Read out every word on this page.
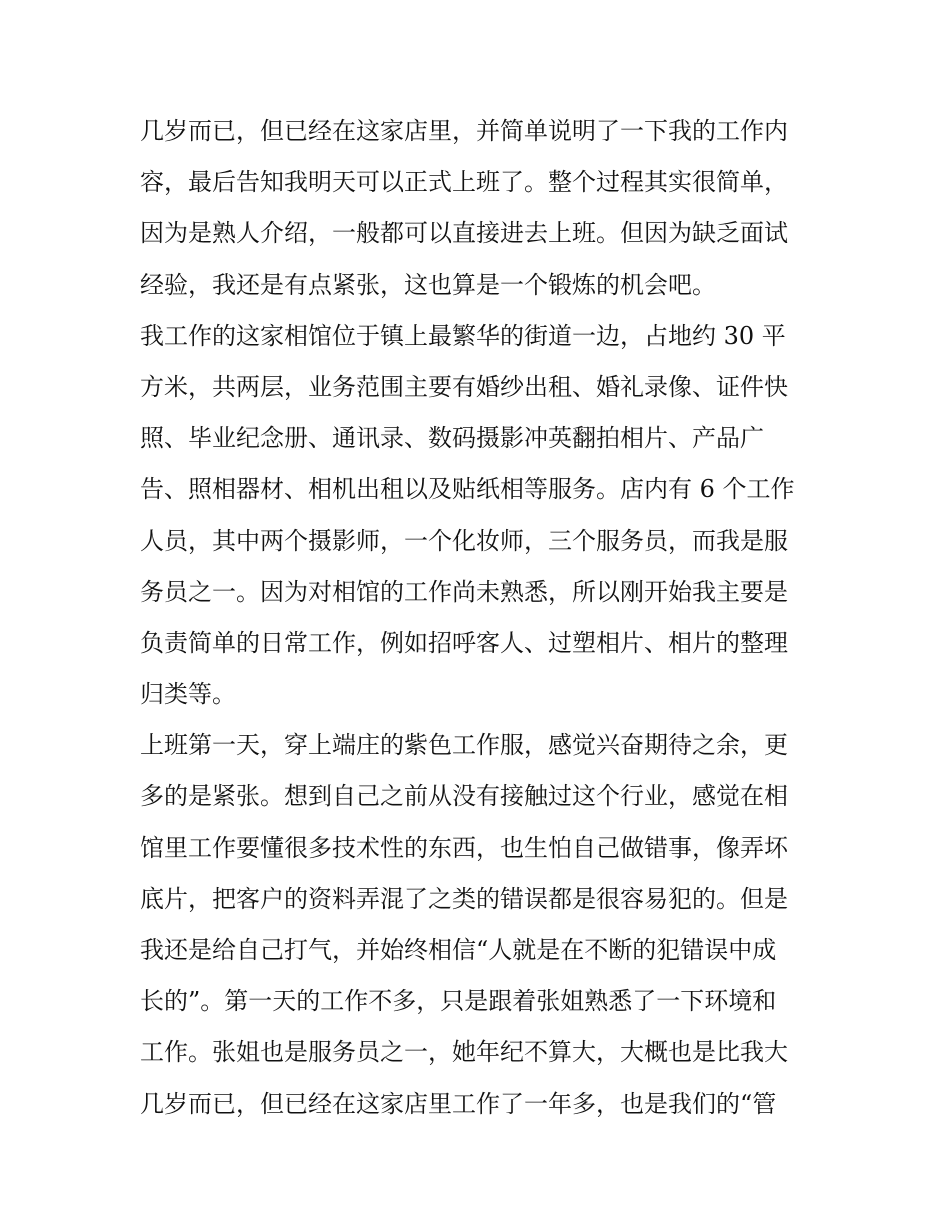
几岁而已，但已经在这家店里，并简单说明了一下我的工作内
容，最后告知我明天可以正式上班了。整个过程其实很简单，
因为是熟人介绍，一般都可以直接进去上班。但因为缺乏面试
经验，我还是有点紧张，这也算是一个锻炼的机会吧。
我工作的这家相馆位于镇上最繁华的街道一边，占地约 30 平
方米，共两层，业务范围主要有婚纱出租、婚礼录像、证件快
照、毕业纪念册、通讯录、数码摄影冲英翻拍相片、产品广
告、照相器材、相机出租以及贴纸相等服务。店内有 6 个工作
人员，其中两个摄影师，一个化妆师，三个服务员，而我是服
务员之一。因为对相馆的工作尚未熟悉，所以刚开始我主要是
负责简单的日常工作，例如招呼客人、过塑相片、相片的整理
归类等。
上班第一天，穿上端庄的紫色工作服，感觉兴奋期待之余，更
多的是紧张。想到自己之前从没有接触过这个行业，感觉在相
馆里工作要懂很多技术性的东西，也生怕自己做错事，像弄坏
底片，把客户的资料弄混了之类的错误都是很容易犯的。但是
我还是给自己打气，并始终相信“人就是在不断的犯错误中成
长的”。第一天的工作不多，只是跟着张姐熟悉了一下环境和
工作。张姐也是服务员之一，她年纪不算大，大概也是比我大
几岁而已，但已经在这家店里工作了一年多，也是我们的“管
